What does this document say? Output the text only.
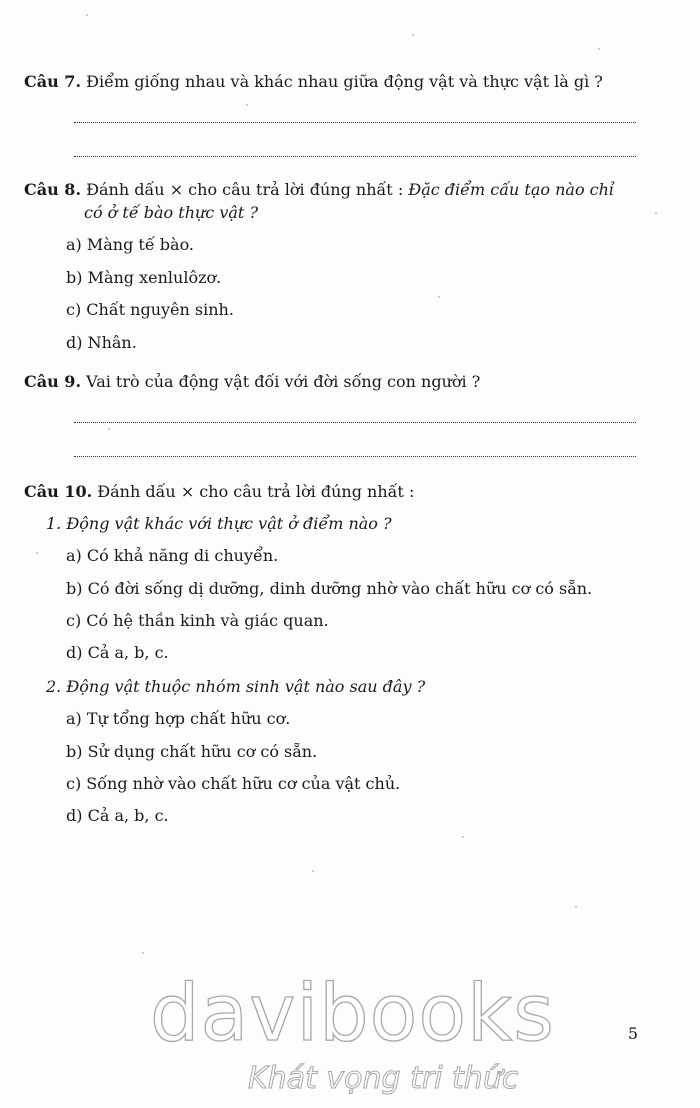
Câu 7. Điểm giống nhau và khác nhau giữa động vật và thực vật là gì ?
Câu 8. Đánh dấu × cho câu trả lời đúng nhất : Đặc điểm cấu tạo nào chỉ
có ở tế bào thực vật ?
a) Màng tế bào.
b) Màng xenlulôzơ.
c) Chất nguyên sinh.
d) Nhân.
Câu 9. Vai trò của động vật đối với đời sống con người ?
Câu 10. Đánh dấu × cho câu trả lời đúng nhất :
1. Động vật khác với thực vật ở điểm nào ?
a) Có khả năng di chuyển.
b) Có đời sống dị dưỡng, dinh dưỡng nhờ vào chất hữu cơ có sẵn.
c) Có hệ thần kinh và giác quan.
d) Cả a, b, c.
2. Động vật thuộc nhóm sinh vật nào sau đây ?
a) Tự tổng hợp chất hữu cơ.
b) Sử dụng chất hữu cơ có sẵn.
c) Sống nhờ vào chất hữu cơ của vật chủ.
d) Cả a, b, c.
5
davibooks
Khát vọng tri thức
